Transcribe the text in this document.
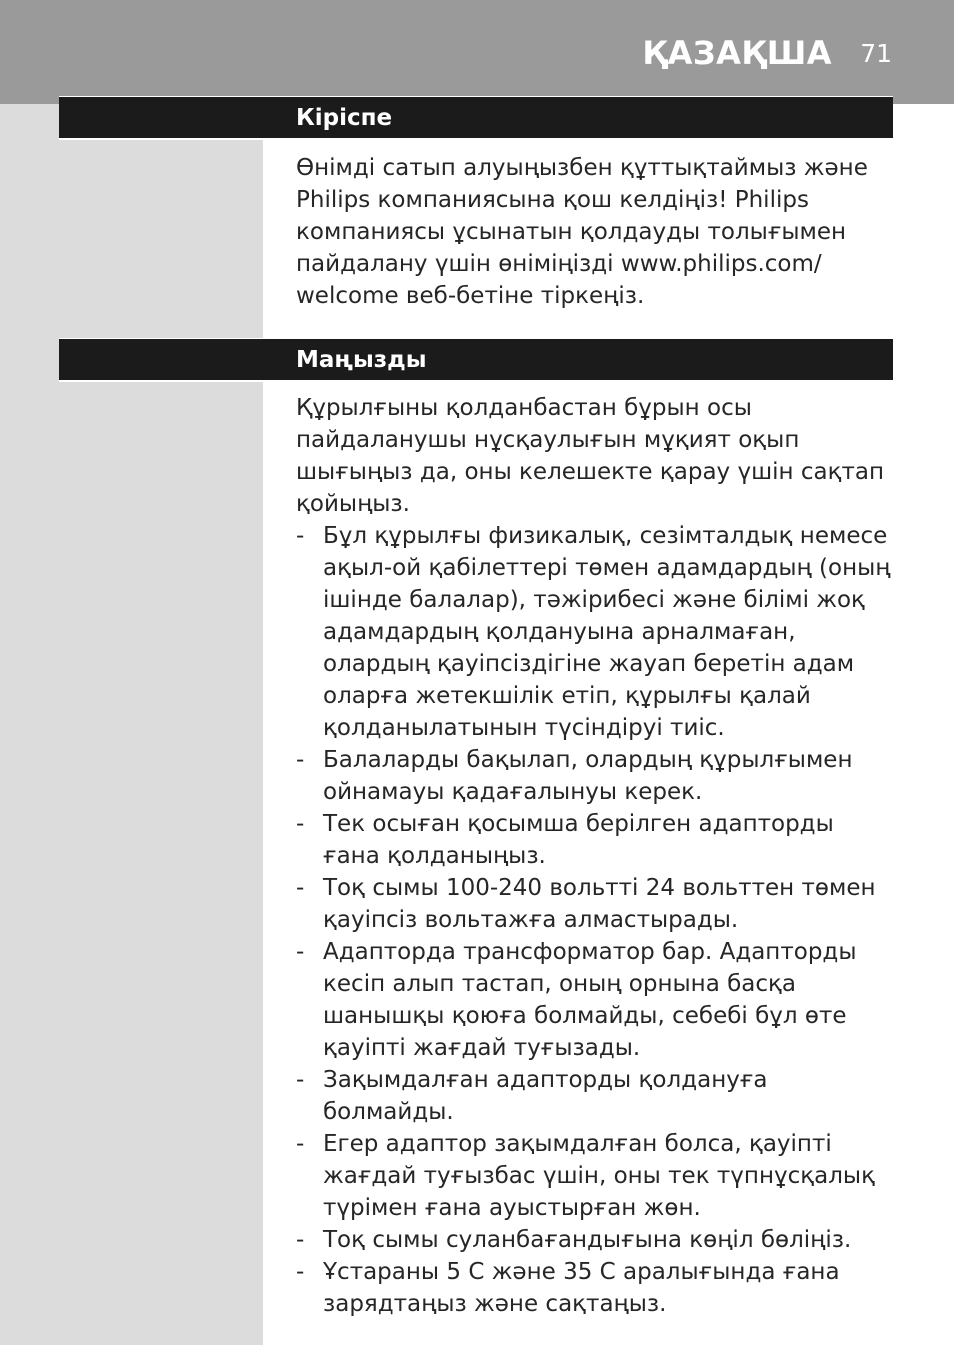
ҚАЗАҚША 71
Кіріспе

Өнімді сатып алуыңызбен құттықтаймыз және Philips компаниясына қош келдіңіз! Philips компаниясы ұсынатын қолдауды толығымен пайдалану үшін өніміңізді www.philips.com/ welcome веб-бетіне тіркеңіз.

Маңызды

Құрылғыны қолданбастан бұрын осы пайдаланушы нұсқаулығын мұқият оқып шығыңыз да, оны келешекте қарау үшін сақтап қойыңыз.

- Бұл құрылғы физикалық, сезімталдық немесе ақыл-ой қабілеттері төмен адамдардың (оның ішінде балалар), тәжірибесі және білімі жоқ адамдардың қолдануына арналмаған, олардың қауіпсіздігіне жауап беретін адам оларға жетекшілік етіп, құрылғы қалай қолданылатынын түсіндіруі тиіс.
- Балаларды бақылап, олардың құрылғымен ойнамауы қадағалынуы керек.
- Тек осыған қосымша берілген адапторды ғана қолданыңыз.
- Тоқ сымы 100-240 вольтті 24 вольттен төмен қауіпсіз вольтажға алмастырады.
- Адапторда трансформатор бар. Адапторды кесіп алып тастап, оның орнына басқа шанышқы қоюға болмайды, себебі бұл өте қауіпті жағдай туғызады.
- Зақымдалған адапторды қолдануға болмайды.
- Егер адаптор зақымдалған болса, қауіпті жағдай туғызбас үшін, оны тек түпнұсқалық түрімен ғана ауыстырған жөн.
- Тоқ сымы суланбағандығына көңіл бөліңіз.
- Ұстараны 5 С және 35 С аралығында ғана зарядтаңыз және сақтаңыз.
